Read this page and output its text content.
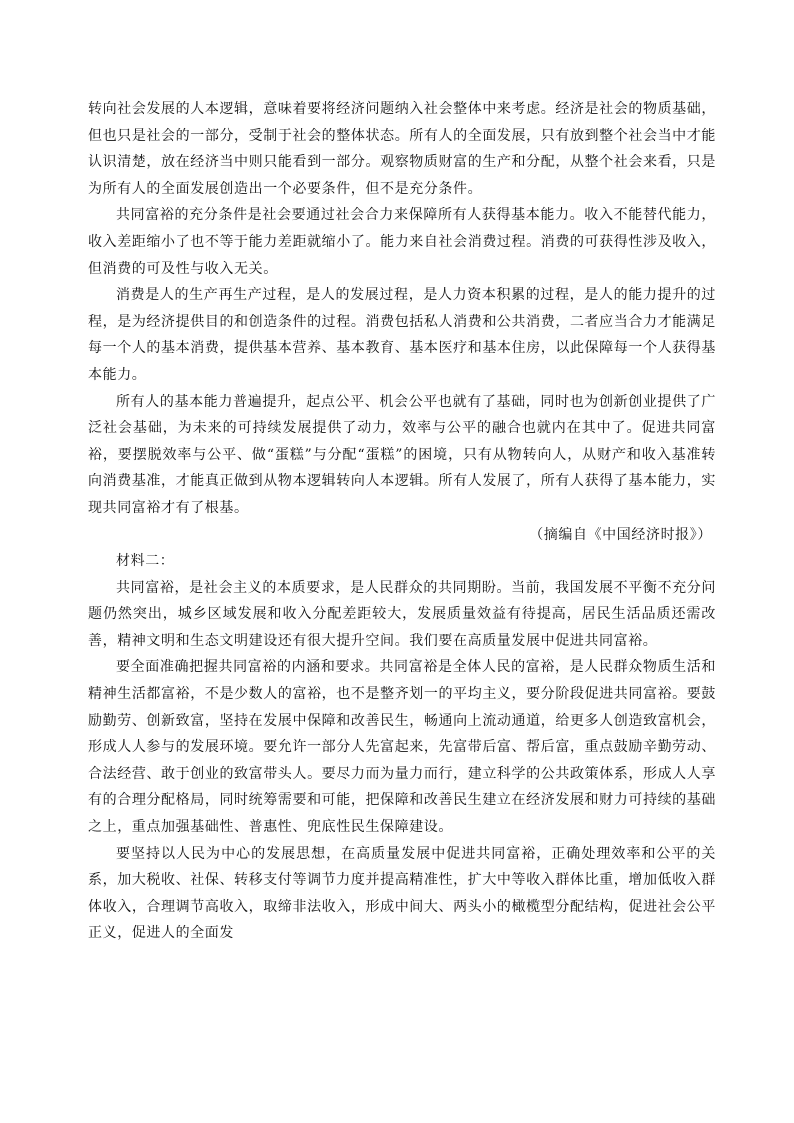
转向社会发展的人本逻辑，意味着要将经济问题纳入社会整体中来考虑。经济是社会的物质基础，但也只是社会的一部分，受制于社会的整体状态。所有人的全面发展，只有放到整个社会当中才能认识清楚，放在经济当中则只能看到一部分。观察物质财富的生产和分配，从整个社会来看，只是为所有人的全面发展创造出一个必要条件，但不是充分条件。

共同富裕的充分条件是社会要通过社会合力来保障所有人获得基本能力。收入不能替代能力，收入差距缩小了也不等于能力差距就缩小了。能力来自社会消费过程。消费的可获得性涉及收入，但消费的可及性与收入无关。

消费是人的生产再生产过程，是人的发展过程，是人力资本积累的过程，是人的能力提升的过程，是为经济提供目的和创造条件的过程。消费包括私人消费和公共消费，二者应当合力才能满足每一个人的基本消费，提供基本营养、基本教育、基本医疗和基本住房，以此保障每一个人获得基本能力。

所有人的基本能力普遍提升，起点公平、机会公平也就有了基础，同时也为创新创业提供了广泛社会基础，为未来的可持续发展提供了动力，效率与公平的融合也就内在其中了。促进共同富裕，要摆脱效率与公平、做“蛋糕”与分配“蛋糕”的困境，只有从物转向人，从财产和收入基准转向消费基准，才能真正做到从物本逻辑转向人本逻辑。所有人发展了，所有人获得了基本能力，实现共同富裕才有了根基。

（摘编自《中国经济时报》）

材料二：

共同富裕，是社会主义的本质要求，是人民群众的共同期盼。当前，我国发展不平衡不充分问题仍然突出，城乡区域发展和收入分配差距较大，发展质量效益有待提高，居民生活品质还需改善，精神文明和生态文明建设还有很大提升空间。我们要在高质量发展中促进共同富裕。

要全面准确把握共同富裕的内涵和要求。共同富裕是全体人民的富裕，是人民群众物质生活和精神生活都富裕，不是少数人的富裕，也不是整齐划一的平均主义，要分阶段促进共同富裕。要鼓励勤劳、创新致富，坚持在发展中保障和改善民生，畅通向上流动通道，给更多人创造致富机会，形成人人参与的发展环境。要允许一部分人先富起来，先富带后富、帮后富，重点鼓励辛勤劳动、合法经营、敢于创业的致富带头人。要尽力而为量力而行，建立科学的公共政策体系，形成人人享有的合理分配格局，同时统筹需要和可能，把保障和改善民生建立在经济发展和财力可持续的基础之上，重点加强基础性、普惠性、兜底性民生保障建设。

要坚持以人民为中心的发展思想，在高质量发展中促进共同富裕，正确处理效率和公平的关系，加大税收、社保、转移支付等调节力度并提高精准性，扩大中等收入群体比重，增加低收入群体收入，合理调节高收入，取缔非法收入，形成中间大、两头小的橄榄型分配结构，促进社会公平正义，促进人的全面发
